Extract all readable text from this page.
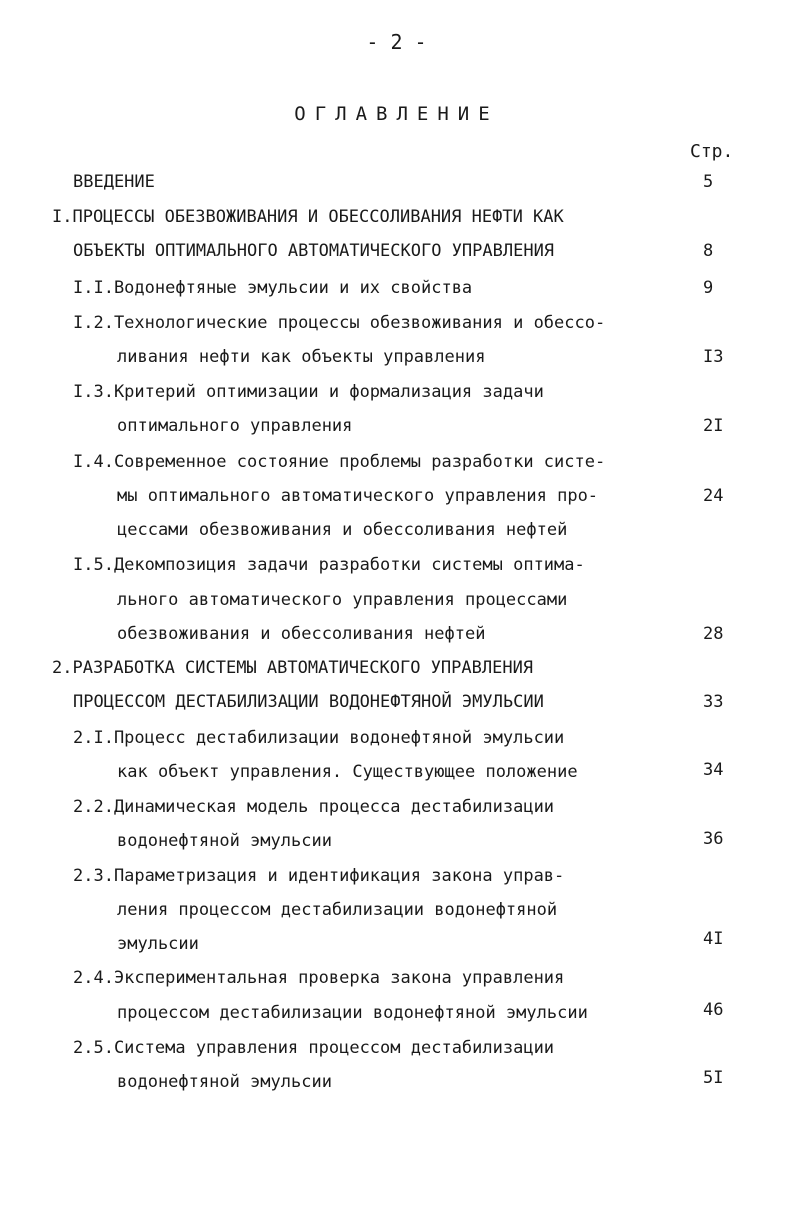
- 2 -
ОГЛАВЛЕНИЕ
Стр.
ВВЕДЕНИЕ	5
I.ПРОЦЕССЫ ОБЕЗВОЖИВАНИЯ И ОБЕССОЛИВАНИЯ НЕФТИ КАК
ОБЪЕКТЫ ОПТИМАЛЬНОГО АВТОМАТИЧЕСКОГО УПРАВЛЕНИЯ	8
I.I.Водонефтяные эмульсии и их свойства	9
I.2.Технологические процессы обезвоживания и обессо-
ливания нефти как объекты управления	I3
I.3.Критерий оптимизации и формализация задачи
оптимального управления	2I
I.4.Современное состояние проблемы разработки систе-
мы оптимального автоматического управления про-	24
цессами обезвоживания и обессоливания нефтей
I.5.Декомпозиция задачи разработки системы оптима-
льного автоматического управления процессами
обезвоживания и обессоливания нефтей	28
2.РАЗРАБОТКА СИСТЕМЫ АВТОМАТИЧЕСКОГО УПРАВЛЕНИЯ
ПРОЦЕССОМ ДЕСТАБИЛИЗАЦИИ ВОДОНЕФТЯНОЙ ЭМУЛЬСИИ	33
2.I.Процесс дестабилизации водонефтяной эмульсии
как объект управления. Существующее положение	34
2.2.Динамическая модель процесса дестабилизации
водонефтяной эмульсии	36
2.3.Параметризация и идентификация закона управ-
ления процессом дестабилизации водонефтяной
эмульсии	4I
2.4.Экспериментальная проверка закона управления
процессом дестабилизации водонефтяной эмульсии	46
2.5.Система управления процессом дестабилизации
водонефтяной эмульсии	5I
